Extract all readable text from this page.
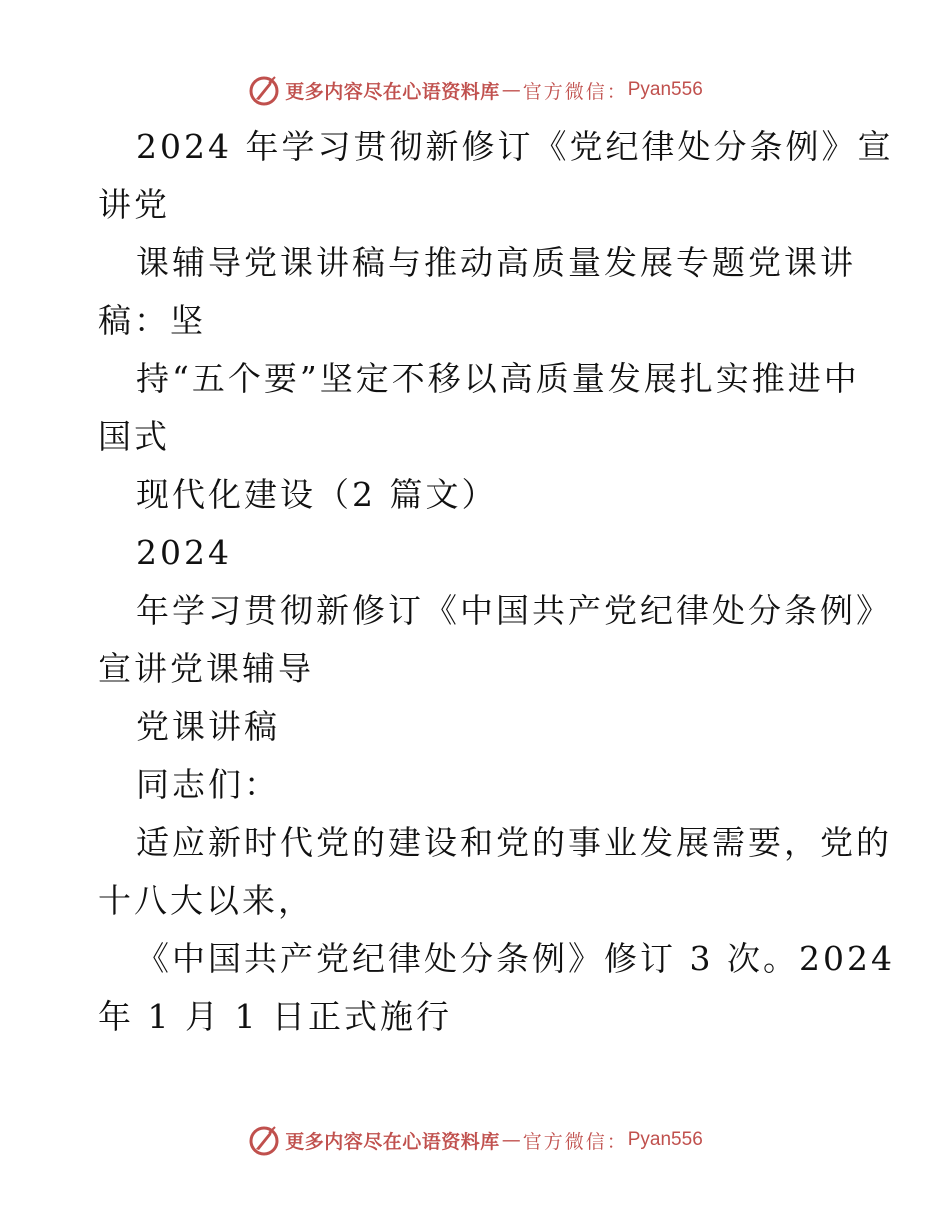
更多内容尽在心语资料库 — 官方微信： Pyan556
2024 年学习贯彻新修订《党纪律处分条例》宣
讲党
课辅导党课讲稿与推动高质量发展专题党课讲
稿：坚
持“五个要”坚定不移以高质量发展扎实推进中
国式
现代化建设（2 篇文）
2024
年学习贯彻新修订《中国共产党纪律处分条例》
宣讲党课辅导
党课讲稿
同志们：
适应新时代党的建设和党的事业发展需要，党的
十八大以来，
《中国共产党纪律处分条例》修订 3 次。2024
年 1 月 1 日正式施行
更多内容尽在心语资料库 — 官方微信： Pyan556
